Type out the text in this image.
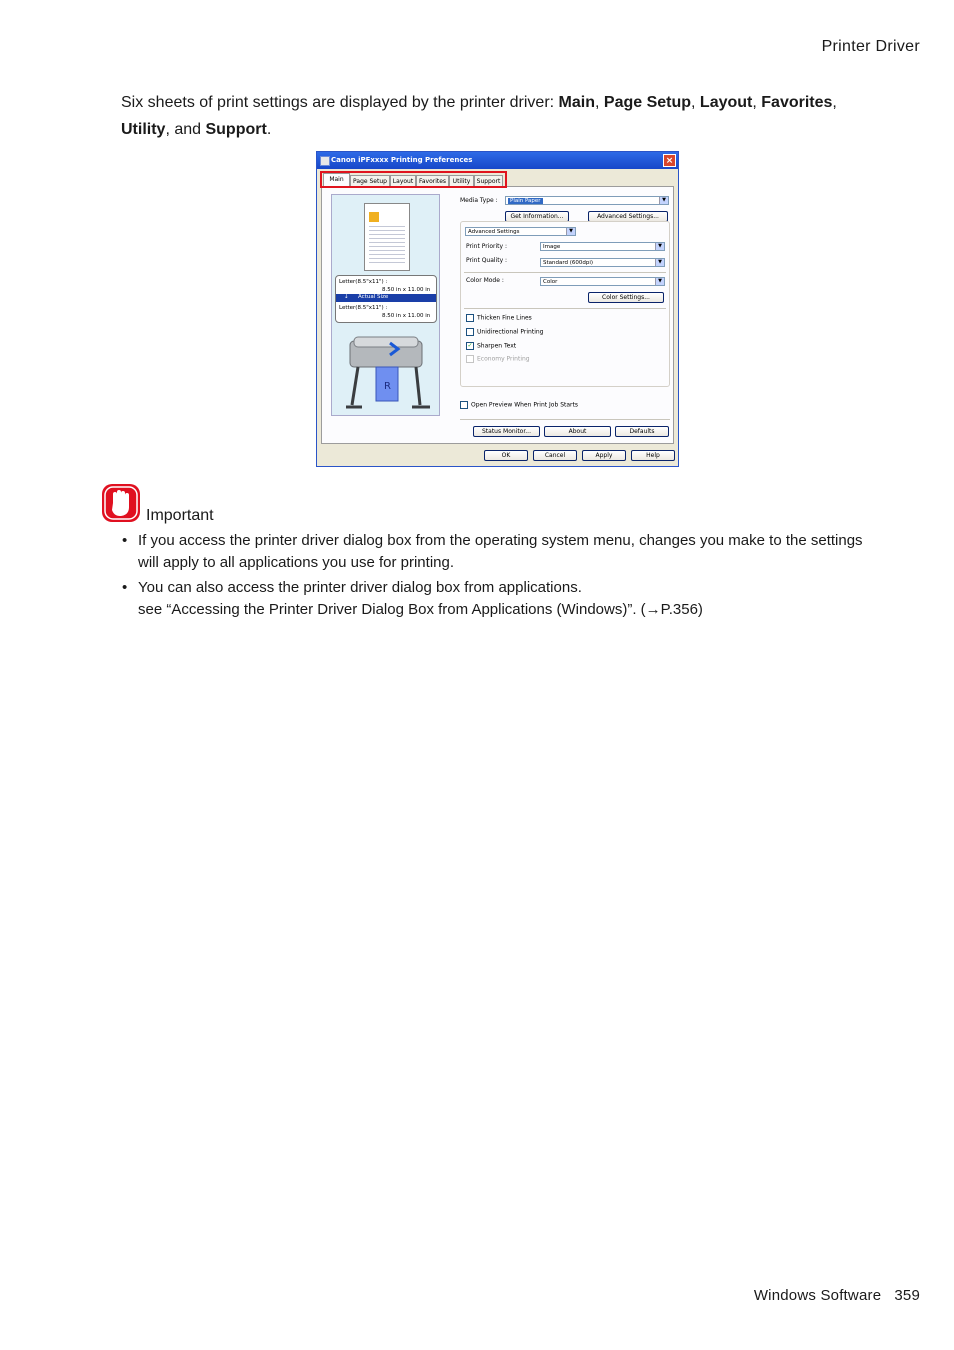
Printer Driver
Six sheets of print settings are displayed by the printer driver: Main, Page Setup, Layout, Favorites, Utility, and Support.
Canon iPFxxxx Printing Preferences	×
Main	Page Setup Layout Favorites	Utility	Support
Letter(8.5"x11") :
8.50 in x 11.00 in
↓ Actual Size
Letter(8.5"x11") :
8.50 in x 11.00 in
R
Media Type :	Plain Paper	▼
Get Information...	Advanced Settings...
Advanced Settings	▼
Print Priority :	Image	▼
Print Quality :	Standard (600dpi)	▼
Color Mode :	Color	▼
Color Settings...
Thicken Fine Lines
Unidirectional Printing
✓ Sharpen Text
Economy Printing
Open Preview When Print Job Starts
Status Monitor...	About	Defaults
OK	Cancel	Apply	Help
Important
• If you access the printer driver dialog box from the operating system menu, changes you make to the settings will apply to all applications you use for printing.
• You can also access the printer driver dialog box from applications.
see “Accessing the Printer Driver Dialog Box from Applications (Windows)”. (→P.356)
Windows Software 359
